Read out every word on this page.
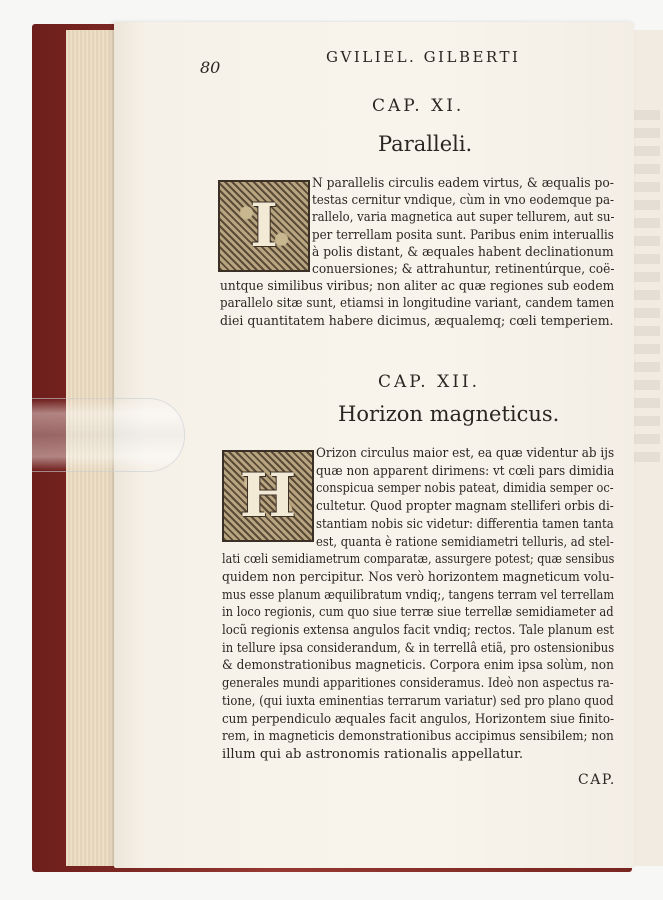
80
GVILIEL. GILBERTI
CAP. XI.
Paralleli.
I
N parallelis circulis eadem virtus, & æqualis po-
testas cernitur vndique, cùm in vno eodemque pa-
rallelo, varia magnetica aut super tellurem, aut su-
per terrellam posita sunt. Paribus enim interuallis
à polis distant, & æquales habent declinationum
conuersiones; & attrahuntur, retinentúrque, coë-
untque similibus viribus; non aliter ac quæ regiones sub eodem
parallelo sitæ sunt, etiamsi in longitudine variant, candem tamen
diei quantitatem habere dicimus, æqualemq; cœli temperiem.
CAP. XII.
Horizon magneticus.
H
Orizon circulus maior est, ea quæ videntur ab ijs
quæ non apparent dirimens: vt cœli pars dimidia
conspicua semper nobis pateat, dimidia semper oc-
cultetur. Quod propter magnam stelliferi orbis di-
stantiam nobis sic videtur: differentia tamen tanta
est, quanta è ratione semidiametri telluris, ad stel-
lati cœli semidiametrum comparatæ, assurgere potest; quæ sensibus
quidem non percipitur. Nos verò horizontem magneticum volu-
mus esse planum æquilibratum vndiq;, tangens terram vel terrellam
in loco regionis, cum quo siue terræ siue terrellæ semidiameter ad
locũ regionis extensa angulos facit vndiq; rectos. Tale planum est
in tellure ipsa considerandum, & in terrellâ etiã, pro ostensionibus
& demonstrationibus magneticis. Corpora enim ipsa solùm, non
generales mundi apparitiones consideramus. Ideò non aspectus ra-
tione, (qui iuxta eminentias terrarum variatur) sed pro plano quod
cum perpendiculo æquales facit angulos, Horizontem siue finito-
rem, in magneticis demonstrationibus accipimus sensibilem; non
illum qui ab astronomis rationalis appellatur.
CAP.
